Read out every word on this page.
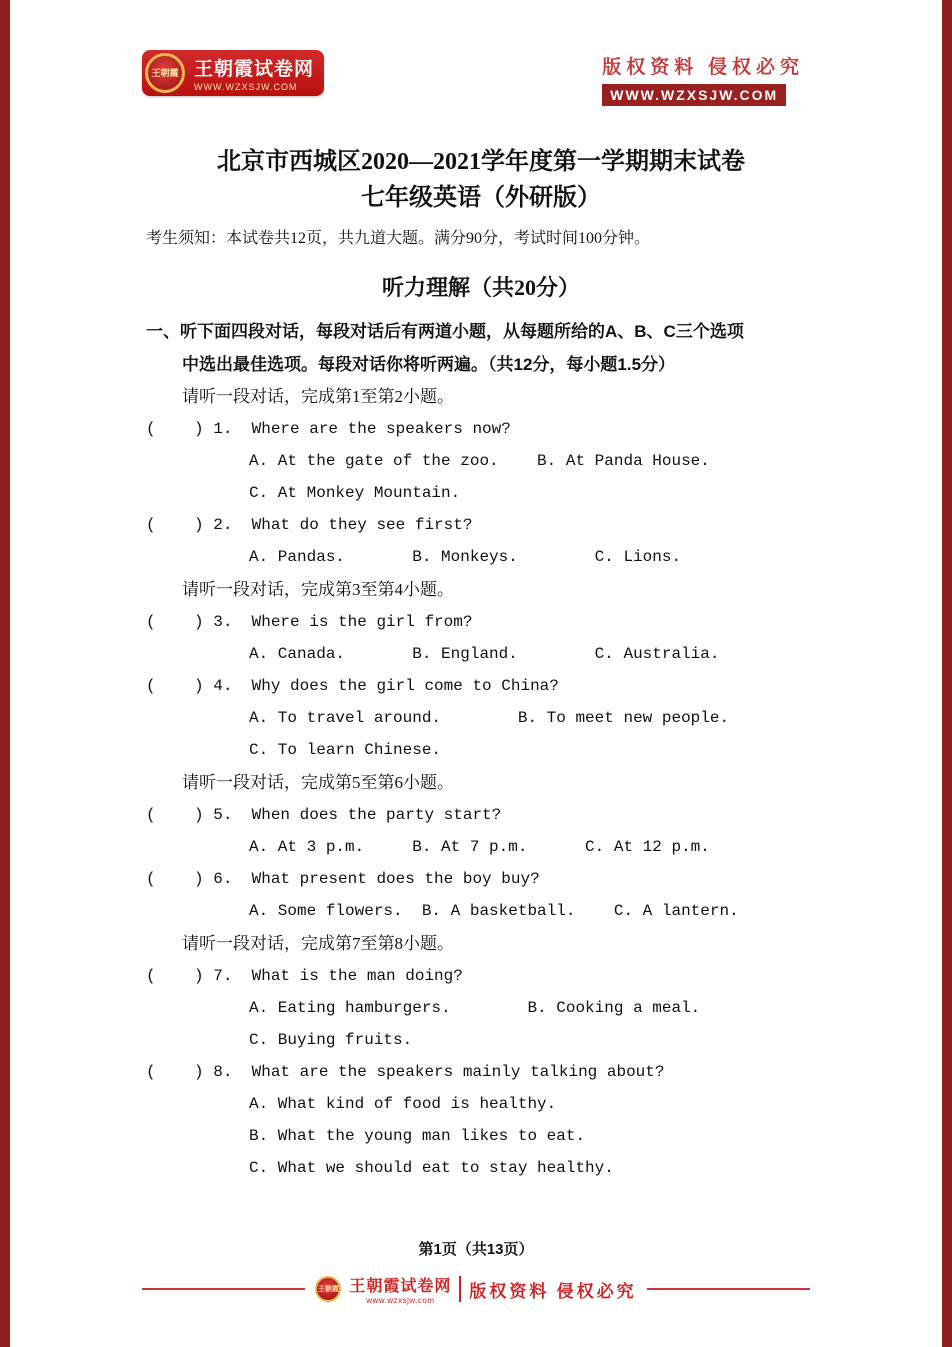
王朝霞 王朝霞试卷网
WWW.WZXSJW.COM
版权资料 侵权必究
WWW.WZXSJW.COM
北京市西城区2020—2021学年度第一学期期末试卷
七年级英语（外研版）

考生须知：本试卷共12页，共九道大题。满分90分，考试时间100分钟。

听力理解（共20分）

一、听下面四段对话，每段对话后有两道小题，从每题所给的A、B、C三个选项

中选出最佳选项。每段对话你将听两遍。（共12分，每小题1.5分）

请听一段对话，完成第1至第2小题。

(    ) 1.  Where are the speakers now?

A. At the gate of the zoo.    B. At Panda House.

C. At Monkey Mountain.

(    ) 2.  What do they see first?

A. Pandas.       B. Monkeys.        C. Lions.

请听一段对话，完成第3至第4小题。

(    ) 3.  Where is the girl from?

A. Canada.       B. England.        C. Australia.

(    ) 4.  Why does the girl come to China?

A. To travel around.        B. To meet new people.

C. To learn Chinese.

请听一段对话，完成第5至第6小题。

(    ) 5.  When does the party start?

A. At 3 p.m.     B. At 7 p.m.      C. At 12 p.m.

(    ) 6.  What present does the boy buy?

A. Some flowers.  B. A basketball.    C. A lantern.

请听一段对话，完成第7至第8小题。

(    ) 7.  What is the man doing?

A. Eating hamburgers.        B. Cooking a meal.

C. Buying fruits.

(    ) 8.  What are the speakers mainly talking about?

A. What kind of food is healthy.

B. What the young man likes to eat.

C. What we should eat to stay healthy.

第1页（共13页）
王朝霞 王朝霞试卷网
www.wzxsjw.com	版权资料 侵权必究
